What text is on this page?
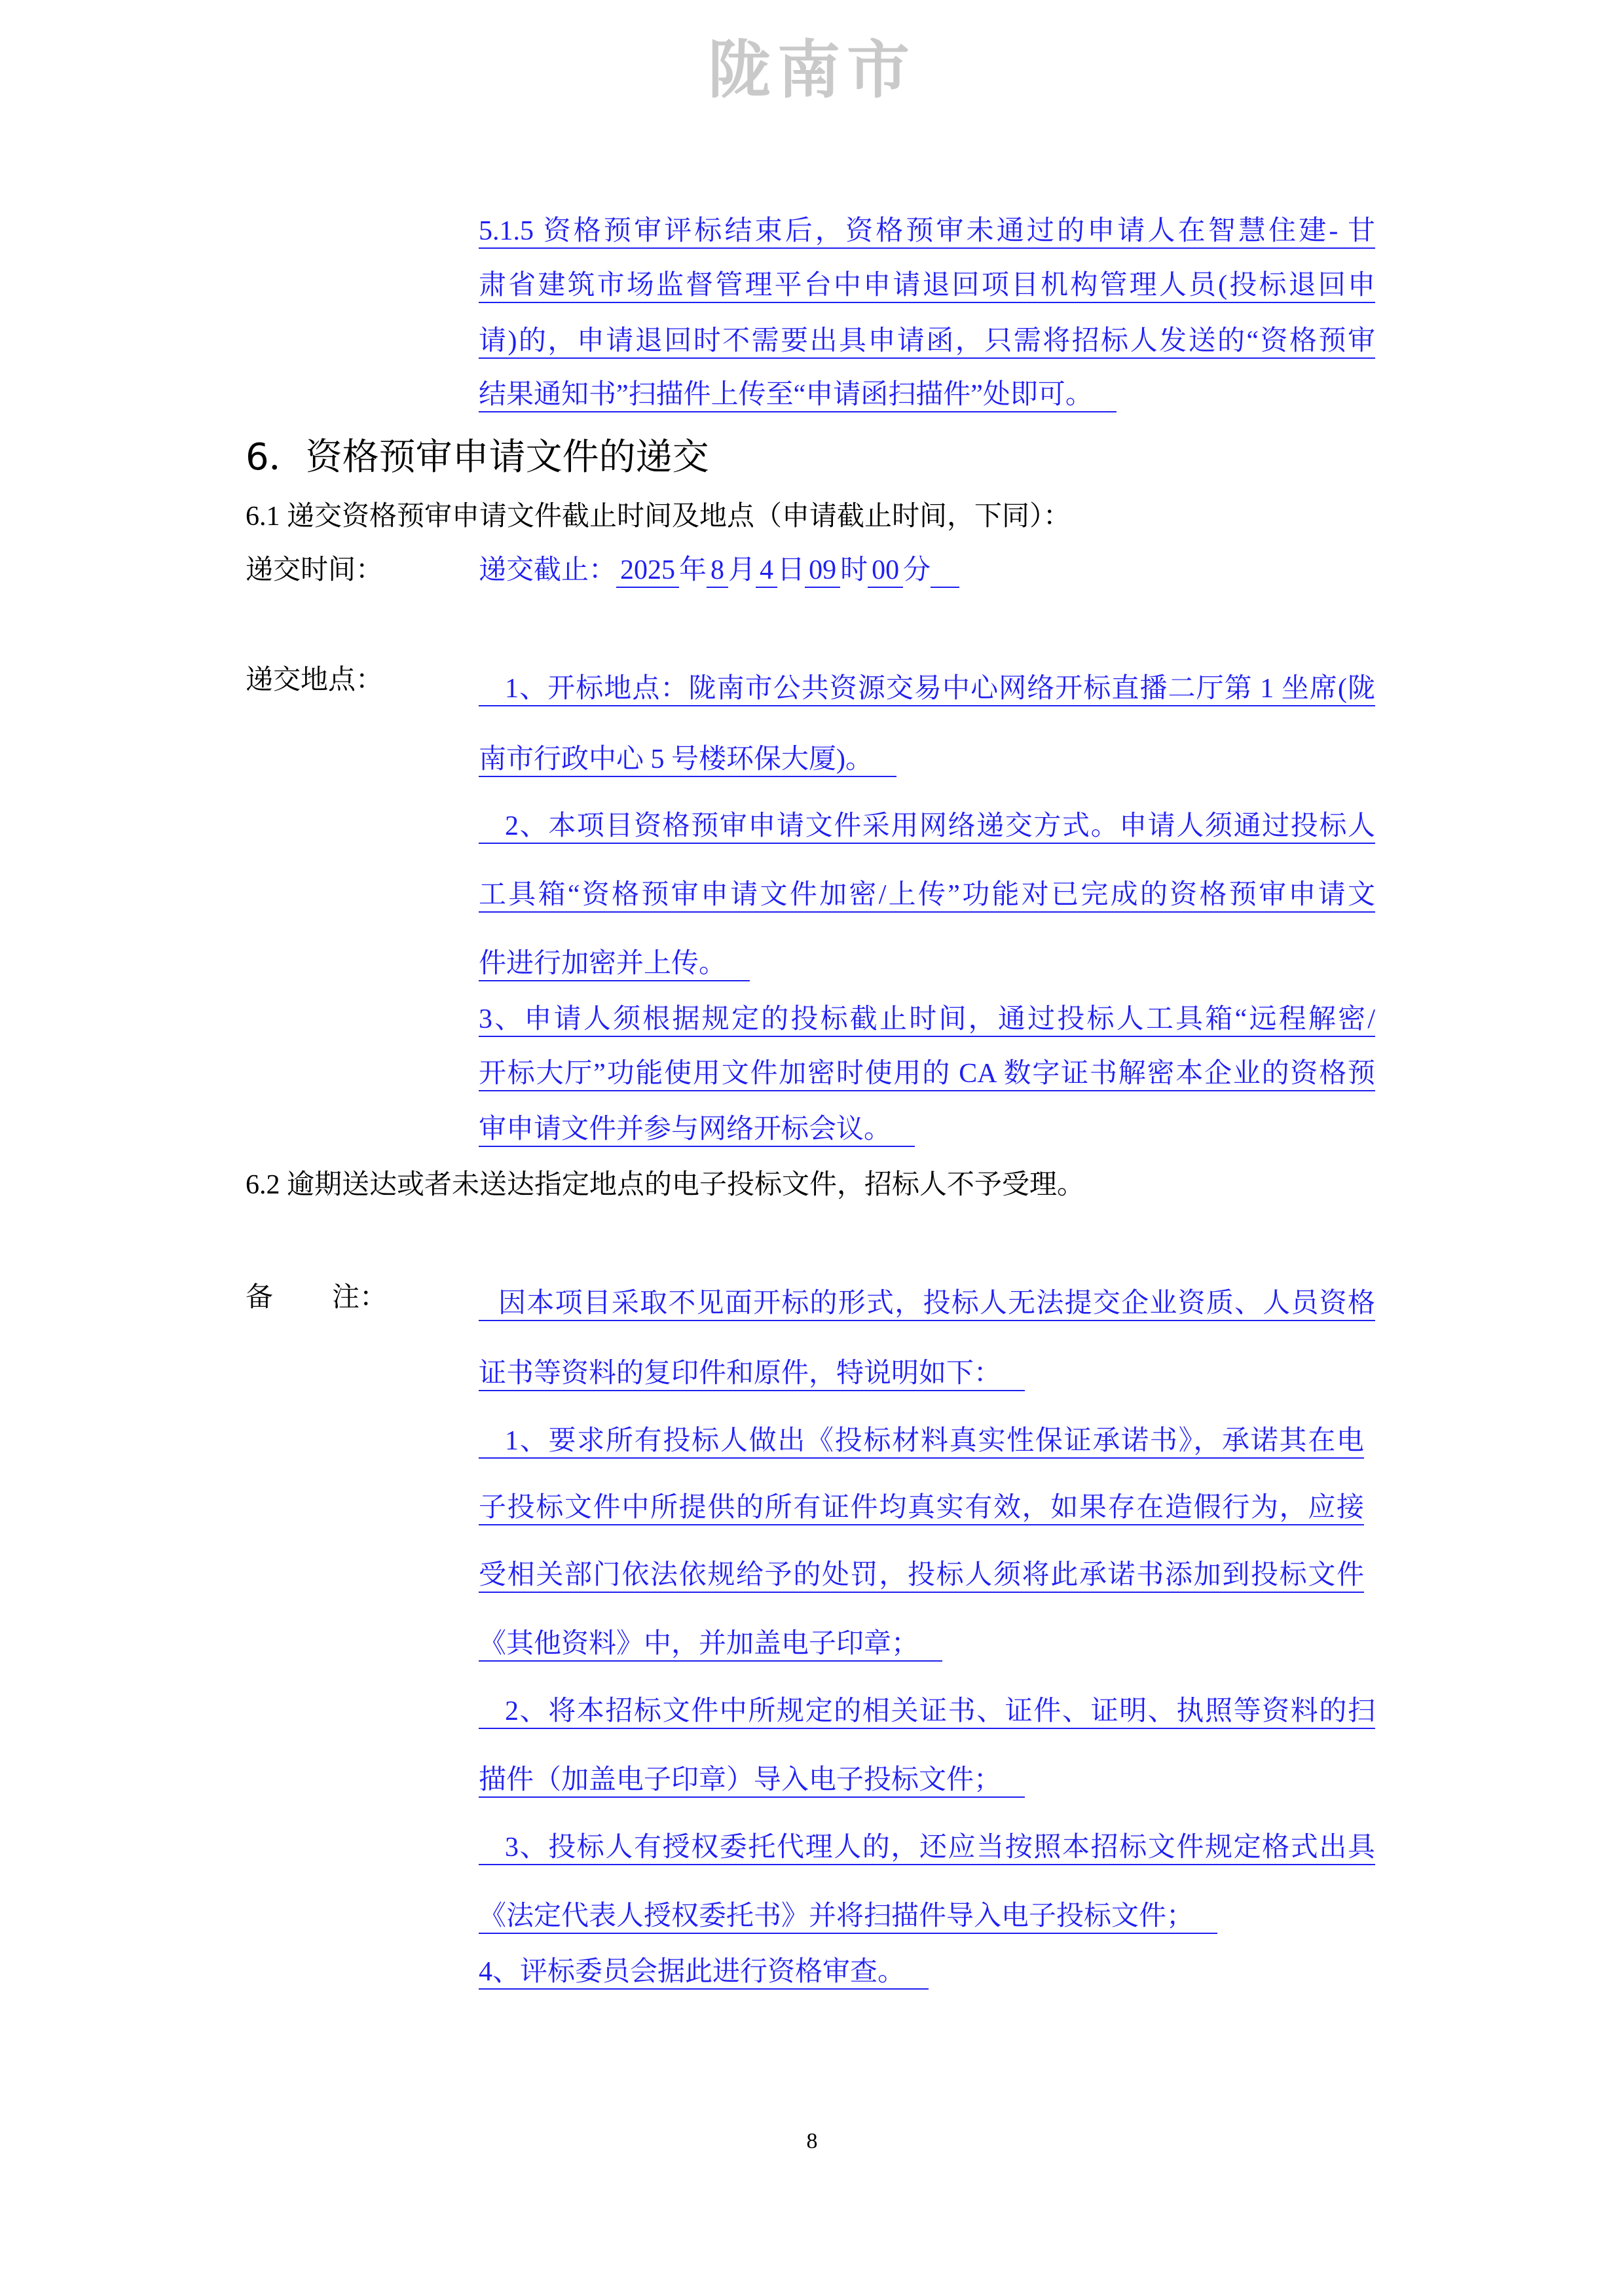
陇南市
5.1.5 资格预审评标结束后，资格预审未通过的申请人在智慧住建- 甘
肃省建筑市场监督管理平台中申请退回项目机构管理人员(投标退回申
请)的，申请退回时不需要出具申请函，只需将招标人发送的“资格预审
结果通知书”扫描件上传至“申请函扫描件”处即可。
6．资格预审申请文件的递交
6.1 递交资格预审申请文件截止时间及地点（申请截止时间，下同）：
递交时间：	递交截止： 2025 年 8 月 4 日 09 时 00 分
递交地点：	1、开标地点：陇南市公共资源交易中心网络开标直播二厅第 1 坐席(陇
南市行政中心 5 号楼环保大厦)。
2、本项目资格预审申请文件采用网络递交方式。申请人须通过投标人
工具箱“资格预审申请文件加密/上传”功能对已完成的资格预审申请文
件进行加密并上传。
3、申请人须根据规定的投标截止时间，通过投标人工具箱“远程解密/
开标大厅”功能使用文件加密时使用的 CA 数字证书解密本企业的资格预
审申请文件并参与网络开标会议。
6.2 逾期送达或者未送达指定地点的电子投标文件，招标人不予受理。
备    注：	因本项目采取不见面开标的形式，投标人无法提交企业资质、人员资格
证书等资料的复印件和原件，特说明如下：
1、要求所有投标人做出《投标材料真实性保证承诺书》，承诺其在电
子投标文件中所提供的所有证件均真实有效，如果存在造假行为，应接
受相关部门依法依规给予的处罚，投标人须将此承诺书添加到投标文件
《其他资料》中，并加盖电子印章；
2、将本招标文件中所规定的相关证书、证件、证明、执照等资料的扫
描件（加盖电子印章）导入电子投标文件；
3、投标人有授权委托代理人的，还应当按照本招标文件规定格式出具
《法定代表人授权委托书》并将扫描件导入电子投标文件；
4、评标委员会据此进行资格审查。
8
